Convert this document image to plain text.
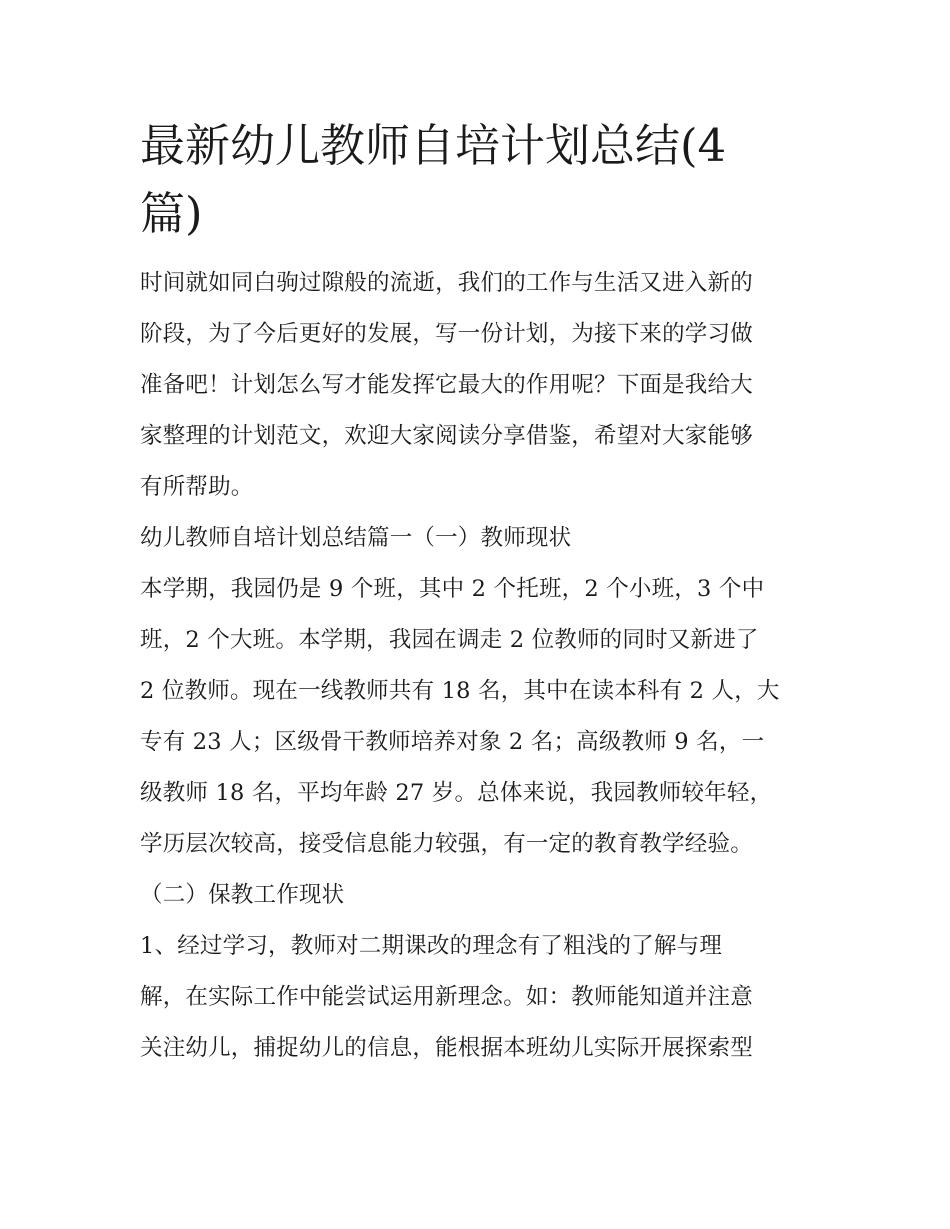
最新幼儿教师自培计划总结(4
篇)

时间就如同白驹过隙般的流逝，我们的工作与生活又进入新的
阶段，为了今后更好的发展，写一份计划，为接下来的学习做
准备吧！计划怎么写才能发挥它最大的作用呢？下面是我给大
家整理的计划范文，欢迎大家阅读分享借鉴，希望对大家能够
有所帮助。

幼儿教师自培计划总结篇一（一）教师现状

本学期，我园仍是 9 个班，其中 2 个托班，2 个小班，3 个中
班，2 个大班。本学期，我园在调走 2 位教师的同时又新进了
2 位教师。现在一线教师共有 18 名，其中在读本科有 2 人，大
专有 23 人；区级骨干教师培养对象 2 名；高级教师 9 名，一
级教师 18 名，平均年龄 27 岁。总体来说，我园教师较年轻，
学历层次较高，接受信息能力较强，有一定的教育教学经验。

（二）保教工作现状

1、经过学习，教师对二期课改的理念有了粗浅的了解与理
解，在实际工作中能尝试运用新理念。如：教师能知道并注意
关注幼儿，捕捉幼儿的信息，能根据本班幼儿实际开展探索型
